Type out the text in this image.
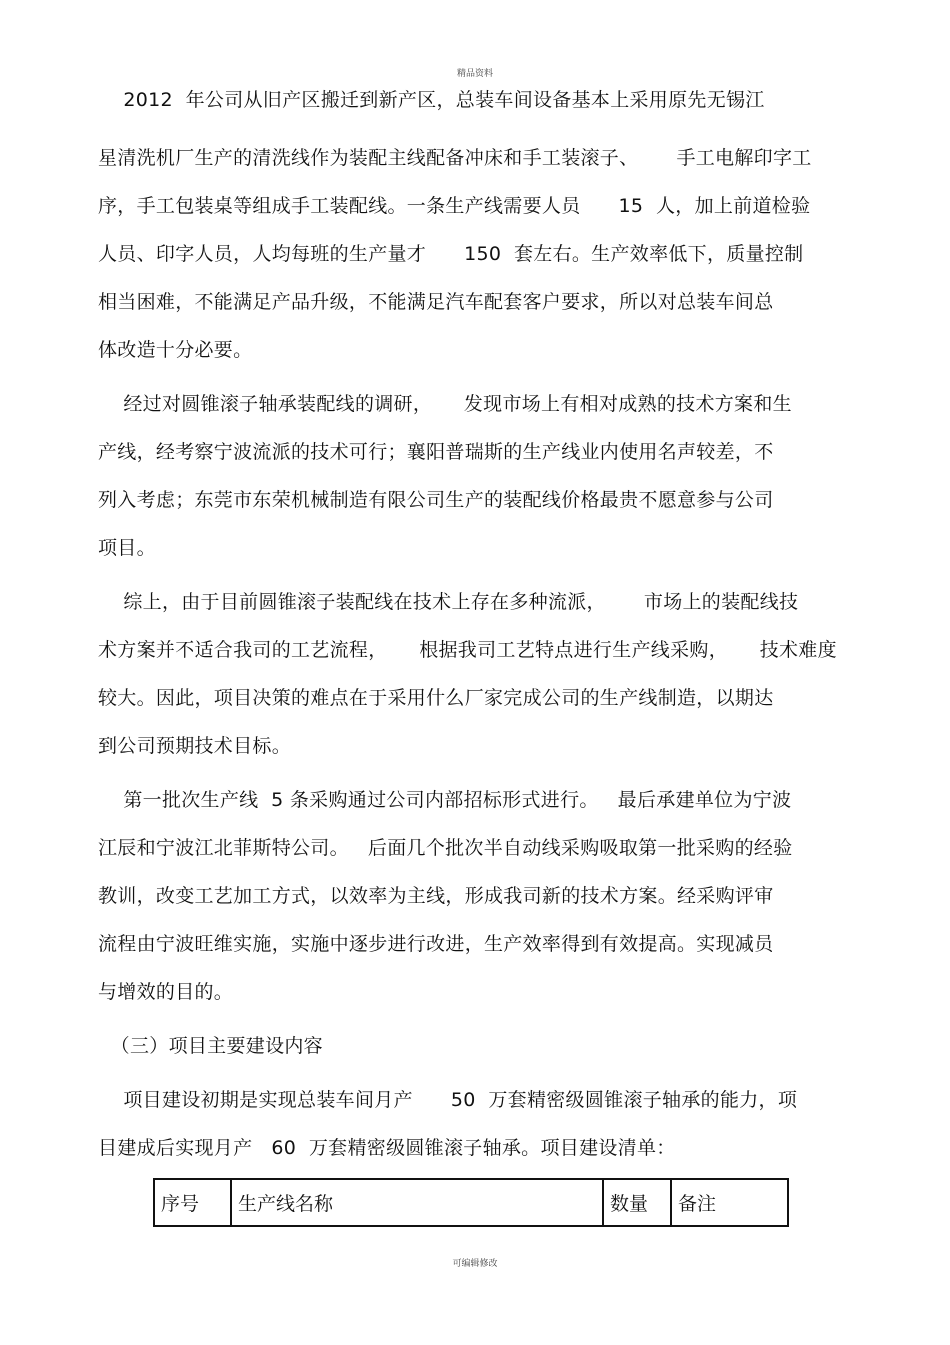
精品资料
2012  年公司从旧产区搬迁到新产区，总装车间设备基本上采用原先无锡江
星清洗机厂生产的清洗线作为装配主线配备冲床和手工装滚子、      手工电解印字工
序，手工包装桌等组成手工装配线。一条生产线需要人员      15  人，加上前道检验
人员、印字人员，人均每班的生产量才      150  套左右。生产效率低下，质量控制
相当困难，不能满足产品升级，不能满足汽车配套客户要求，所以对总装车间总
体改造十分必要。
经过对圆锥滚子轴承装配线的调研，     发现市场上有相对成熟的技术方案和生
产线，经考察宁波流派的技术可行；襄阳普瑞斯的生产线业内使用名声较差，不
列入考虑；东莞市东荣机械制造有限公司生产的装配线价格最贵不愿意参与公司
项目。
综上，由于目前圆锥滚子装配线在技术上存在多种流派，      市场上的装配线技
术方案并不适合我司的工艺流程，     根据我司工艺特点进行生产线采购，     技术难度
较大。因此，项目决策的难点在于采用什么厂家完成公司的生产线制造，以期达
到公司预期技术目标。
第一批次生产线  5 条采购通过公司内部招标形式进行。   最后承建单位为宁波
江辰和宁波江北菲斯特公司。   后面几个批次半自动线采购吸取第一批采购的经验
教训，改变工艺加工方式，以效率为主线，形成我司新的技术方案。经采购评审
流程由宁波旺维实施，实施中逐步进行改进，生产效率得到有效提高。实现减员
与增效的目的。
（三）项目主要建设内容
项目建设初期是实现总装车间月产      50  万套精密级圆锥滚子轴承的能力，项
目建成后实现月产   60  万套精密级圆锥滚子轴承。项目建设清单：
序号	生产线名称	数量	备注
可编辑修改
